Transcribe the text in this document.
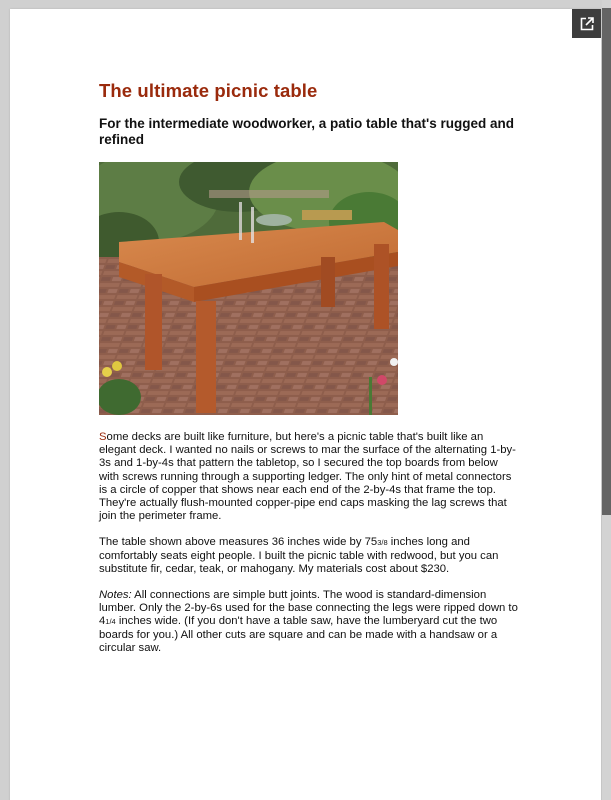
The ultimate picnic table
For the intermediate woodworker, a patio table that's rugged and refined

Some decks are built like furniture, but here's a picnic table that's built like an elegant deck. I wanted no nails or screws to mar the surface of the alternating 1-by-3s and 1-by-4s that pattern the tabletop, so I secured the top boards from below with screws running through a supporting ledger. The only hint of metal connectors is a circle of copper that shows near each end of the 2-by-4s that frame the top. They're actually flush-mounted copper-pipe end caps masking the lag screws that join the perimeter frame.

The table shown above measures 36 inches wide by 753/8 inches long and comfortably seats eight people. I built the picnic table with redwood, but you can substitute fir, cedar, teak, or mahogany. My materials cost about $230.

Notes: All connections are simple butt joints. The wood is standard-dimension lumber. Only the 2-by-6s used for the base connecting the legs were ripped down to 41/4 inches wide. (If you don't have a table saw, have the lumberyard cut the two boards for you.) All other cuts are square and can be made with a handsaw or a circular saw.
